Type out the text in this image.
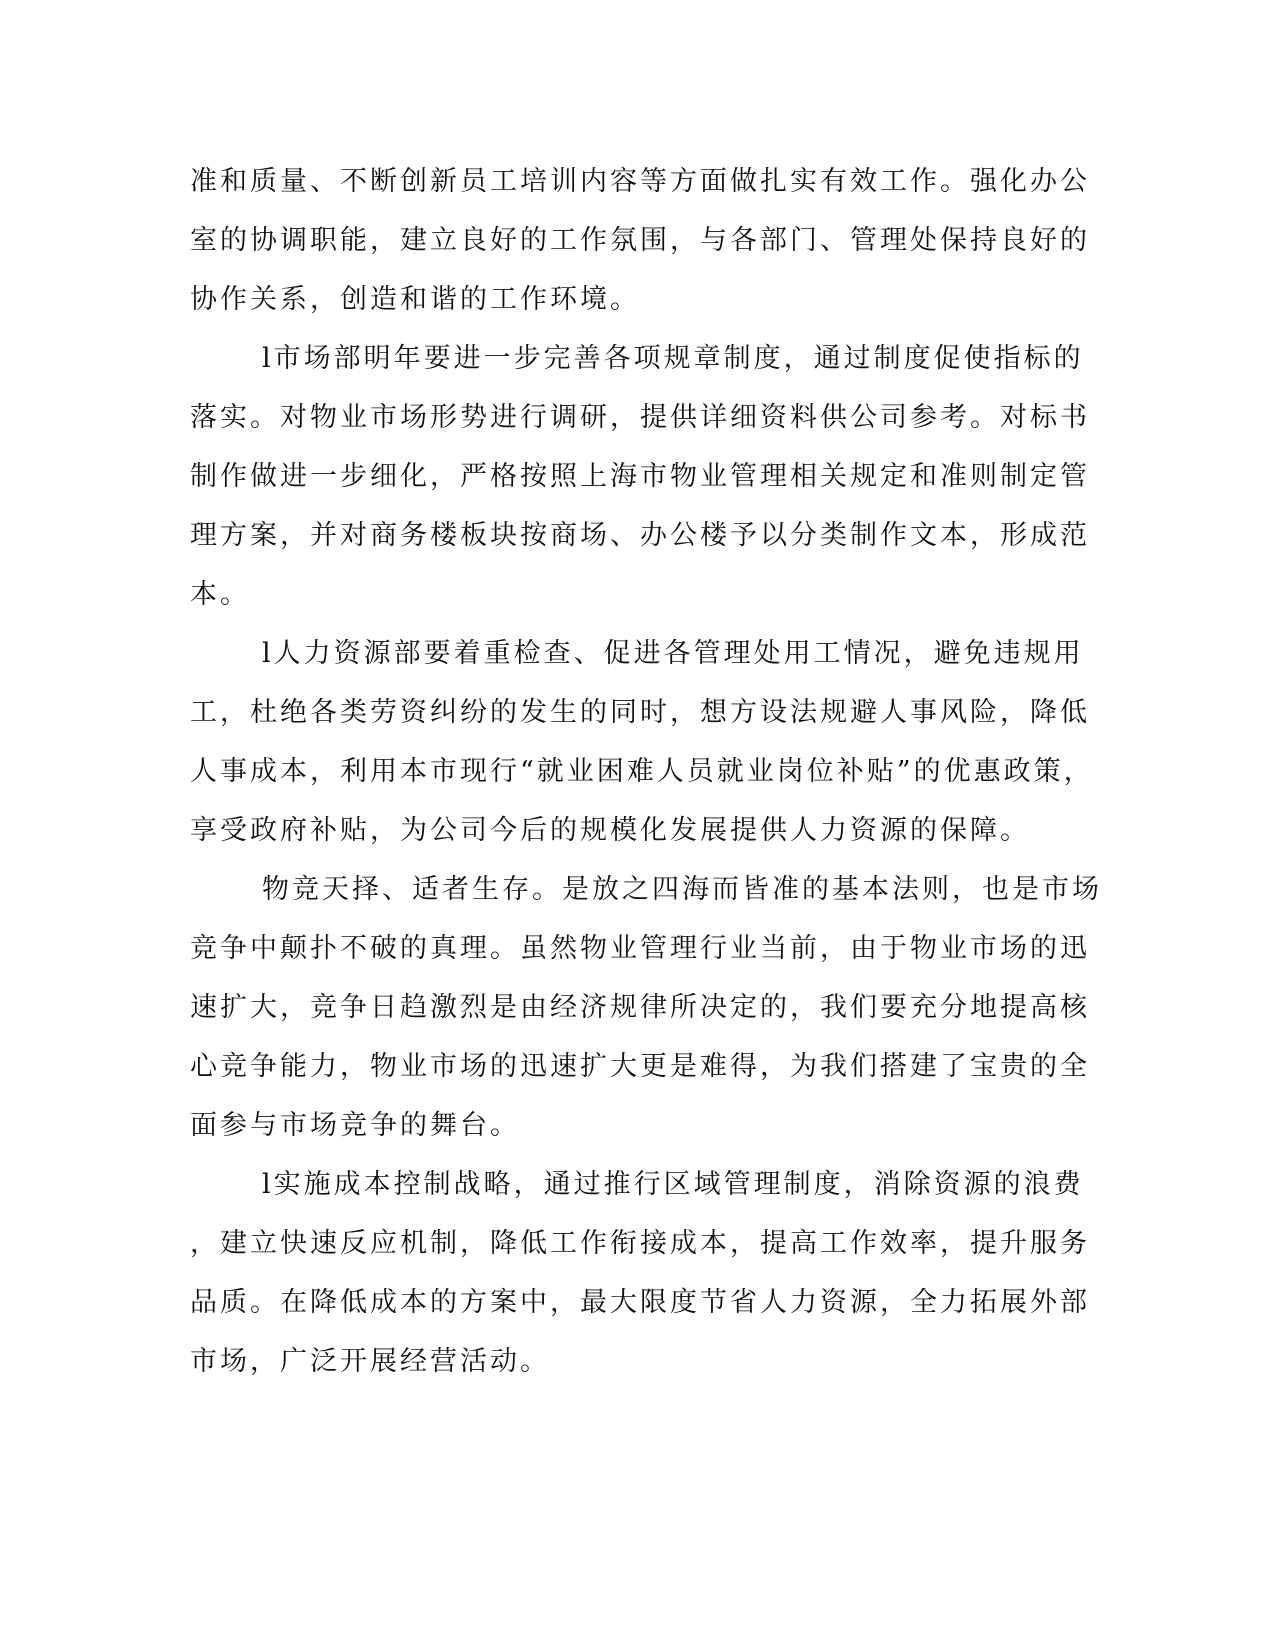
准和质量、不断创新员工培训内容等方面做扎实有效工作。强化办公

室的协调职能，建立良好的工作氛围，与各部门、管理处保持良好的

协作关系，创造和谐的工作环境。

l市场部明年要进一步完善各项规章制度，通过制度促使指标的

落实。对物业市场形势进行调研，提供详细资料供公司参考。对标书

制作做进一步细化，严格按照上海市物业管理相关规定和准则制定管

理方案，并对商务楼板块按商场、办公楼予以分类制作文本，形成范

本。

l人力资源部要着重检查、促进各管理处用工情况，避免违规用

工，杜绝各类劳资纠纷的发生的同时，想方设法规避人事风险，降低

人事成本，利用本市现行“就业困难人员就业岗位补贴”的优惠政策，

享受政府补贴，为公司今后的规模化发展提供人力资源的保障。

物竞天择、适者生存。是放之四海而皆准的基本法则，也是市场

竞争中颠扑不破的真理。虽然物业管理行业当前，由于物业市场的迅

速扩大，竞争日趋激烈是由经济规律所决定的，我们要充分地提高核

心竞争能力，物业市场的迅速扩大更是难得，为我们搭建了宝贵的全

面参与市场竞争的舞台。

l实施成本控制战略，通过推行区域管理制度，消除资源的浪费

，建立快速反应机制，降低工作衔接成本，提高工作效率，提升服务

品质。在降低成本的方案中，最大限度节省人力资源，全力拓展外部

市场，广泛开展经营活动。
